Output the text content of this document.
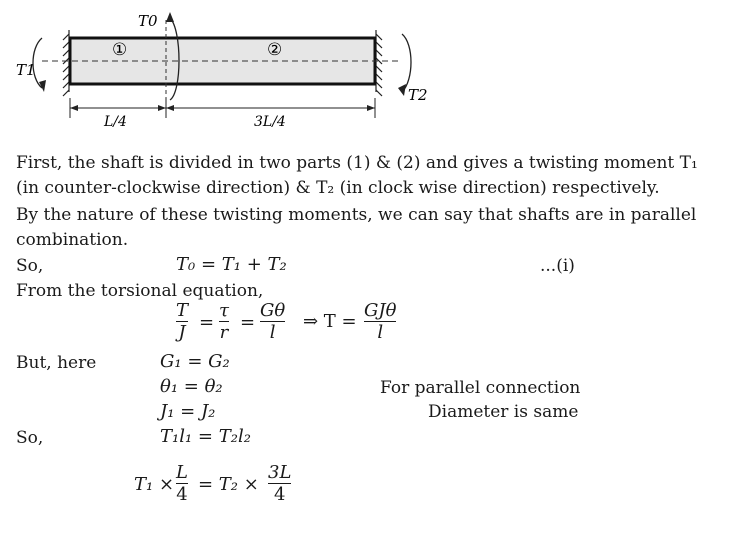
T0
T1
T2
①	②
L/4	3L/4
First, the shaft is divided in two parts (1) & (2) and gives a twisting moment T₁
(in counter-clockwise direction) & T₂ (in clock wise direction) respectively.
By the nature of these twisting moments, we can say that shafts are in parallel
combination.
So,	T₀ = T₁ + T₂	...(i)
From the torsional equation,
T
J =
τ
r =
Gθ
l
⇒ T =
GJθ
l
But, here	G₁ = G₂
θ₁ = θ₂	For parallel connection
J₁ = J₂	Diameter is same
So,	T₁l₁ = T₂l₂
T₁ ×
L
4 = T₂ ×
3L
4
